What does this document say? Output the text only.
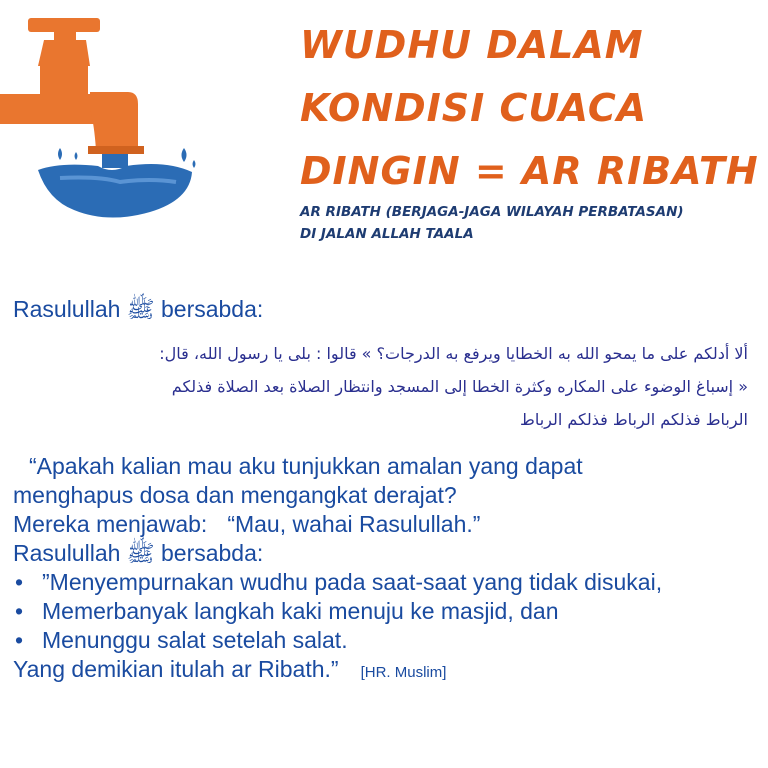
WUDHU DALAM
KONDISI CUACA
DINGIN = AR RIBATH

AR RIBATH (BERJAGA-JAGA WILAYAH PERBATASAN)
DI JALAN ALLAH TAALA

Rasulullah ﷺ bersabda:

ألا أدلكم على ما يمحو الله به الخطايا ويرفع به الدرجات؟ » قالوا : بلى يا رسول الله، قال:
« إسباغ الوضوء على المكاره وكثرة الخطا إلى المسجد وانتظار الصلاة بعد الصلاة فذلكم
الرباط فذلكم الرباط فذلكم الرباط

“Apakah kalian mau aku tunjukkan amalan yang dapat
menghapus dosa dan mengangkat derajat?
Mereka menjawab: “Mau, wahai Rasulullah.”
Rasulullah ﷺ bersabda:
• ”Menyempurnakan wudhu pada saat-saat yang tidak disukai,
• Memerbanyak langkah kaki menuju ke masjid, dan
• Menunggu salat setelah salat.
Yang demikian itulah ar Ribath.” [HR. Muslim]
